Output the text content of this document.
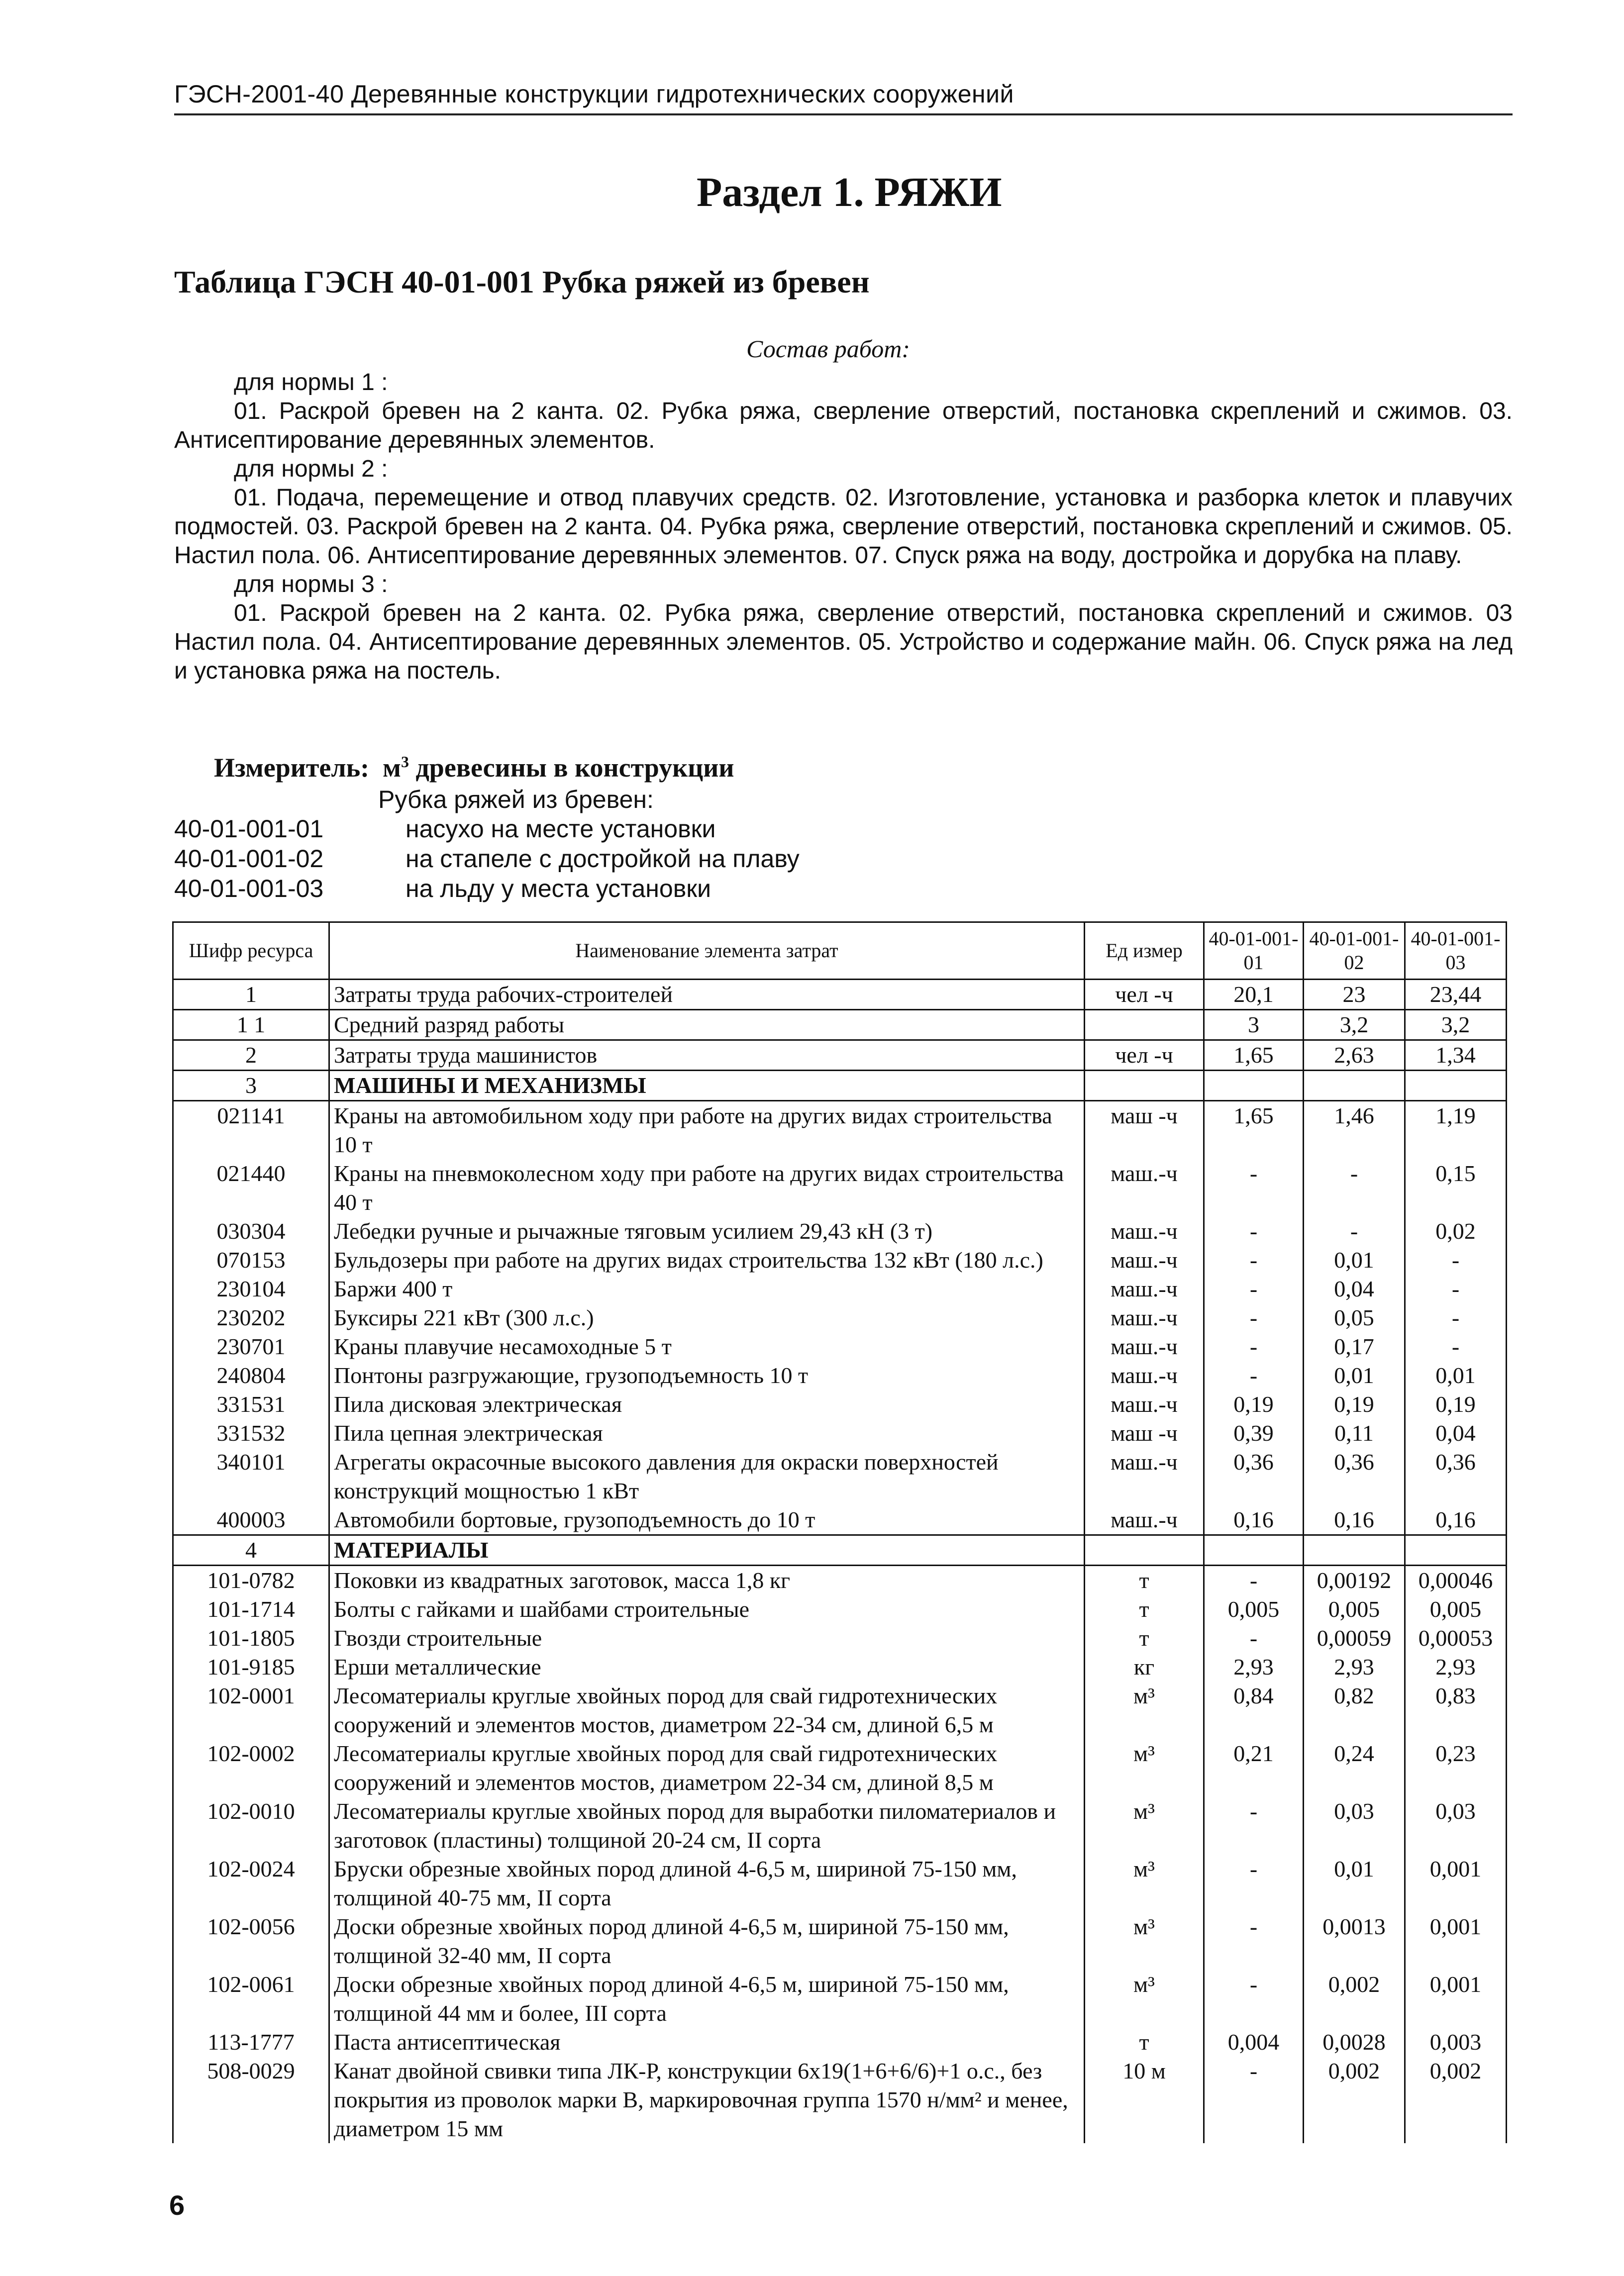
ГЭСН-2001-40 Деревянные конструкции гидротехнических сооружений
Раздел 1. РЯЖИ
Таблица ГЭСН 40-01-001 Рубка ряжей из бревен
Состав работ:

для нормы 1 :

01. Раскрой бревен на 2 канта. 02. Рубка ряжа, сверление отверстий, постановка скреплений и сжимов. 03. Антисептирование деревянных элементов.

для нормы 2 :

01. Подача, перемещение и отвод плавучих средств. 02. Изготовление, установка и разборка клеток и плавучих подмостей. 03. Раскрой бревен на 2 канта. 04. Рубка ряжа, сверление отверстий, постановка скреплений и сжимов. 05. Настил пола. 06. Антисептирование деревянных элементов. 07. Спуск ряжа на воду, достройка и дорубка на плаву.

для нормы 3 :

01. Раскрой бревен на 2 канта. 02. Рубка ряжа, сверление отверстий, постановка скреплений и сжимов. 03 Настил пола. 04. Антисептирование деревянных элементов. 05. Устройство и содержание майн. 06. Спуск ряжа на лед и установка ряжа на постель.

Измеритель: $м^3$ древесины в конструкции
Рубка ряжей из бревен:
40-01-001-01	насухо на месте установки
40-01-001-02	на стапеле с достройкой на плаву
40-01-001-03	на льду у места установки
Шифр ресурса	Наименование элемента затрат	Ед измер	40-01-001-01	40-01-001-02	40-01-001-03
1	Затраты труда рабочих-строителей	чел -ч	20,1	23	23,44
1 1	Средний разряд работы		3	3,2	3,2
2	Затраты труда машинистов	чел -ч	1,65	2,63	1,34
3	МАШИНЫ И МЕХАНИЗМЫ				
021141	Краны на автомобильном ходу при работе на других видах строительства 10 т	маш -ч	1,65	1,46	1,19
021440	Краны на пневмоколесном ходу при работе на других видах строительства 40 т	маш.-ч	-	-	0,15
030304	Лебедки ручные и рычажные тяговым усилием 29,43 кН (3 т)	маш.-ч	-	-	0,02
070153	Бульдозеры при работе на других видах строительства 132 кВт (180 л.с.)	маш.-ч	-	0,01	-
230104	Баржи 400 т	маш.-ч	-	0,04	-
230202	Буксиры 221 кВт (300 л.с.)	маш.-ч	-	0,05	-
230701	Краны плавучие несамоходные 5 т	маш.-ч	-	0,17	-
240804	Понтоны разгружающие, грузоподъемность 10 т	маш.-ч	-	0,01	0,01
331531	Пила дисковая электрическая	маш.-ч	0,19	0,19	0,19
331532	Пила цепная электрическая	маш -ч	0,39	0,11	0,04
340101	Агрегаты окрасочные высокого давления для окраски поверхностей конструкций мощностью 1 кВт	маш.-ч	0,36	0,36	0,36
400003	Автомобили бортовые, грузоподъемность до 10 т	маш.-ч	0,16	0,16	0,16
4	МАТЕРИАЛЫ				
101-0782	Поковки из квадратных заготовок, масса 1,8 кг	т	-	0,00192	0,00046
101-1714	Болты с гайками и шайбами строительные	т	0,005	0,005	0,005
101-1805	Гвозди строительные	т	-	0,00059	0,00053
101-9185	Ерши металлические	кг	2,93	2,93	2,93
102-0001	Лесоматериалы круглые хвойных пород для свай гидротехнических сооружений и элементов мостов, диаметром 22-34 см, длиной 6,5 м	м³	0,84	0,82	0,83
102-0002	Лесоматериалы круглые хвойных пород для свай гидротехнических сооружений и элементов мостов, диаметром 22-34 см, длиной 8,5 м	м³	0,21	0,24	0,23
102-0010	Лесоматериалы круглые хвойных пород для выработки пиломатериалов и заготовок (пластины) толщиной 20-24 см, II сорта	м³	-	0,03	0,03
102-0024	Бруски обрезные хвойных пород длиной 4-6,5 м, шириной 75-150 мм, толщиной 40-75 мм, II сорта	м³	-	0,01	0,001
102-0056	Доски обрезные хвойных пород длиной 4-6,5 м, шириной 75-150 мм, толщиной 32-40 мм, II сорта	м³	-	0,0013	0,001
102-0061	Доски обрезные хвойных пород длиной 4-6,5 м, шириной 75-150 мм, толщиной 44 мм и более, III сорта	м³	-	0,002	0,001
113-1777	Паста антисептическая	т	0,004	0,0028	0,003
508-0029	Канат двойной свивки типа ЛК-Р, конструкции 6х19(1+6+6/6)+1 о.с., без покрытия из проволок марки В, маркировочная группа 1570 н/мм² и менее, диаметром 15 мм	10 м	-	0,002	0,002
6
